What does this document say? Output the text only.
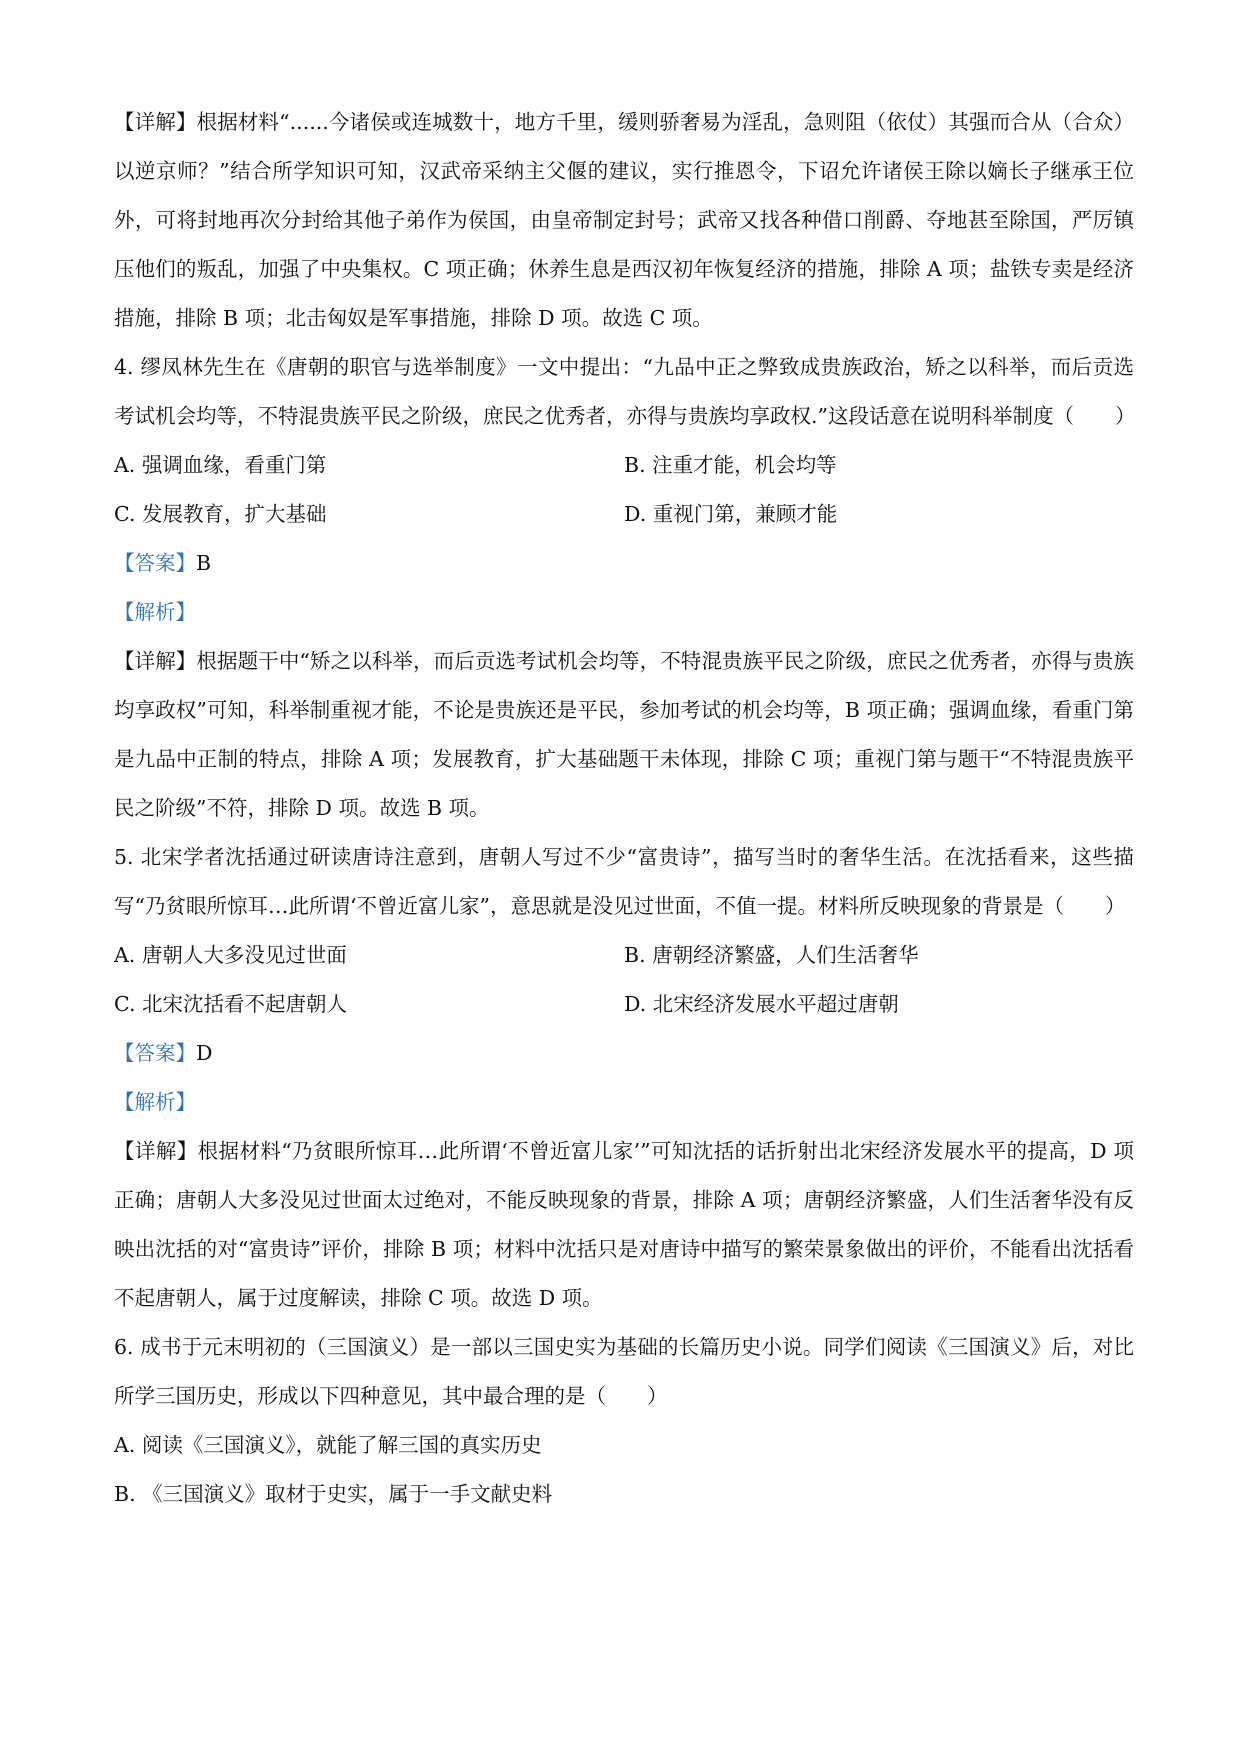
【详解】根据材料“......今诸侯或连城数十，地方千里，缓则骄奢易为淫乱，急则阻（依仗）其强而合从（合众）以逆京师？”结合所学知识可知，汉武帝采纳主父偃的建议，实行推恩令，下诏允许诸侯王除以嫡长子继承王位外，可将封地再次分封给其他子弟作为侯国，由皇帝制定封号；武帝又找各种借口削爵、夺地甚至除国，严厉镇压他们的叛乱，加强了中央集权。C 项正确；休养生息是西汉初年恢复经济的措施，排除 A 项；盐铁专卖是经济措施，排除 B 项；北击匈奴是军事措施，排除 D 项。故选 C 项。

4. 缪凤林先生在《唐朝的职官与选举制度》一文中提出：“九品中正之弊致成贵族政治，矫之以科举，而后贡选考试机会均等，不特混贵族平民之阶级，庶民之优秀者，亦得与贵族均享政权.”这段话意在说明科举制度（　　）

A. 强调血缘，看重门第	B. 注重才能，机会均等
C. 发展教育，扩大基础	D. 重视门第，兼顾才能

【答案】B

【解析】

【详解】根据题干中“矫之以科举，而后贡选考试机会均等，不特混贵族平民之阶级，庶民之优秀者，亦得与贵族均享政权”可知，科举制重视才能，不论是贵族还是平民，参加考试的机会均等，B 项正确；强调血缘，看重门第是九品中正制的特点，排除 A 项；发展教育，扩大基础题干未体现，排除 C 项；重视门第与题干“不特混贵族平民之阶级”不符，排除 D 项。故选 B 项。

5. 北宋学者沈括通过研读唐诗注意到，唐朝人写过不少“富贵诗”，描写当时的奢华生活。在沈括看来，这些描写“乃贫眼所惊耳…此所谓‘不曾近富儿家”，意思就是没见过世面，不值一提。材料所反映现象的背景是（　　）

A. 唐朝人大多没见过世面	B. 唐朝经济繁盛，人们生活奢华
C. 北宋沈括看不起唐朝人	D. 北宋经济发展水平超过唐朝

【答案】D

【解析】

【详解】根据材料“乃贫眼所惊耳…此所谓‘不曾近富儿家’”可知沈括的话折射出北宋经济发展水平的提高，D 项正确；唐朝人大多没见过世面太过绝对，不能反映现象的背景，排除 A 项；唐朝经济繁盛，人们生活奢华没有反映出沈括的对“富贵诗”评价，排除 B 项；材料中沈括只是对唐诗中描写的繁荣景象做出的评价，不能看出沈括看不起唐朝人，属于过度解读，排除 C 项。故选 D 项。

6. 成书于元末明初的（三国演义）是一部以三国史实为基础的长篇历史小说。同学们阅读《三国演义》后，对比所学三国历史，形成以下四种意见，其中最合理的是（　　）

A. 阅读《三国演义》，就能了解三国的真实历史

B. 《三国演义》取材于史实，属于一手文献史料
